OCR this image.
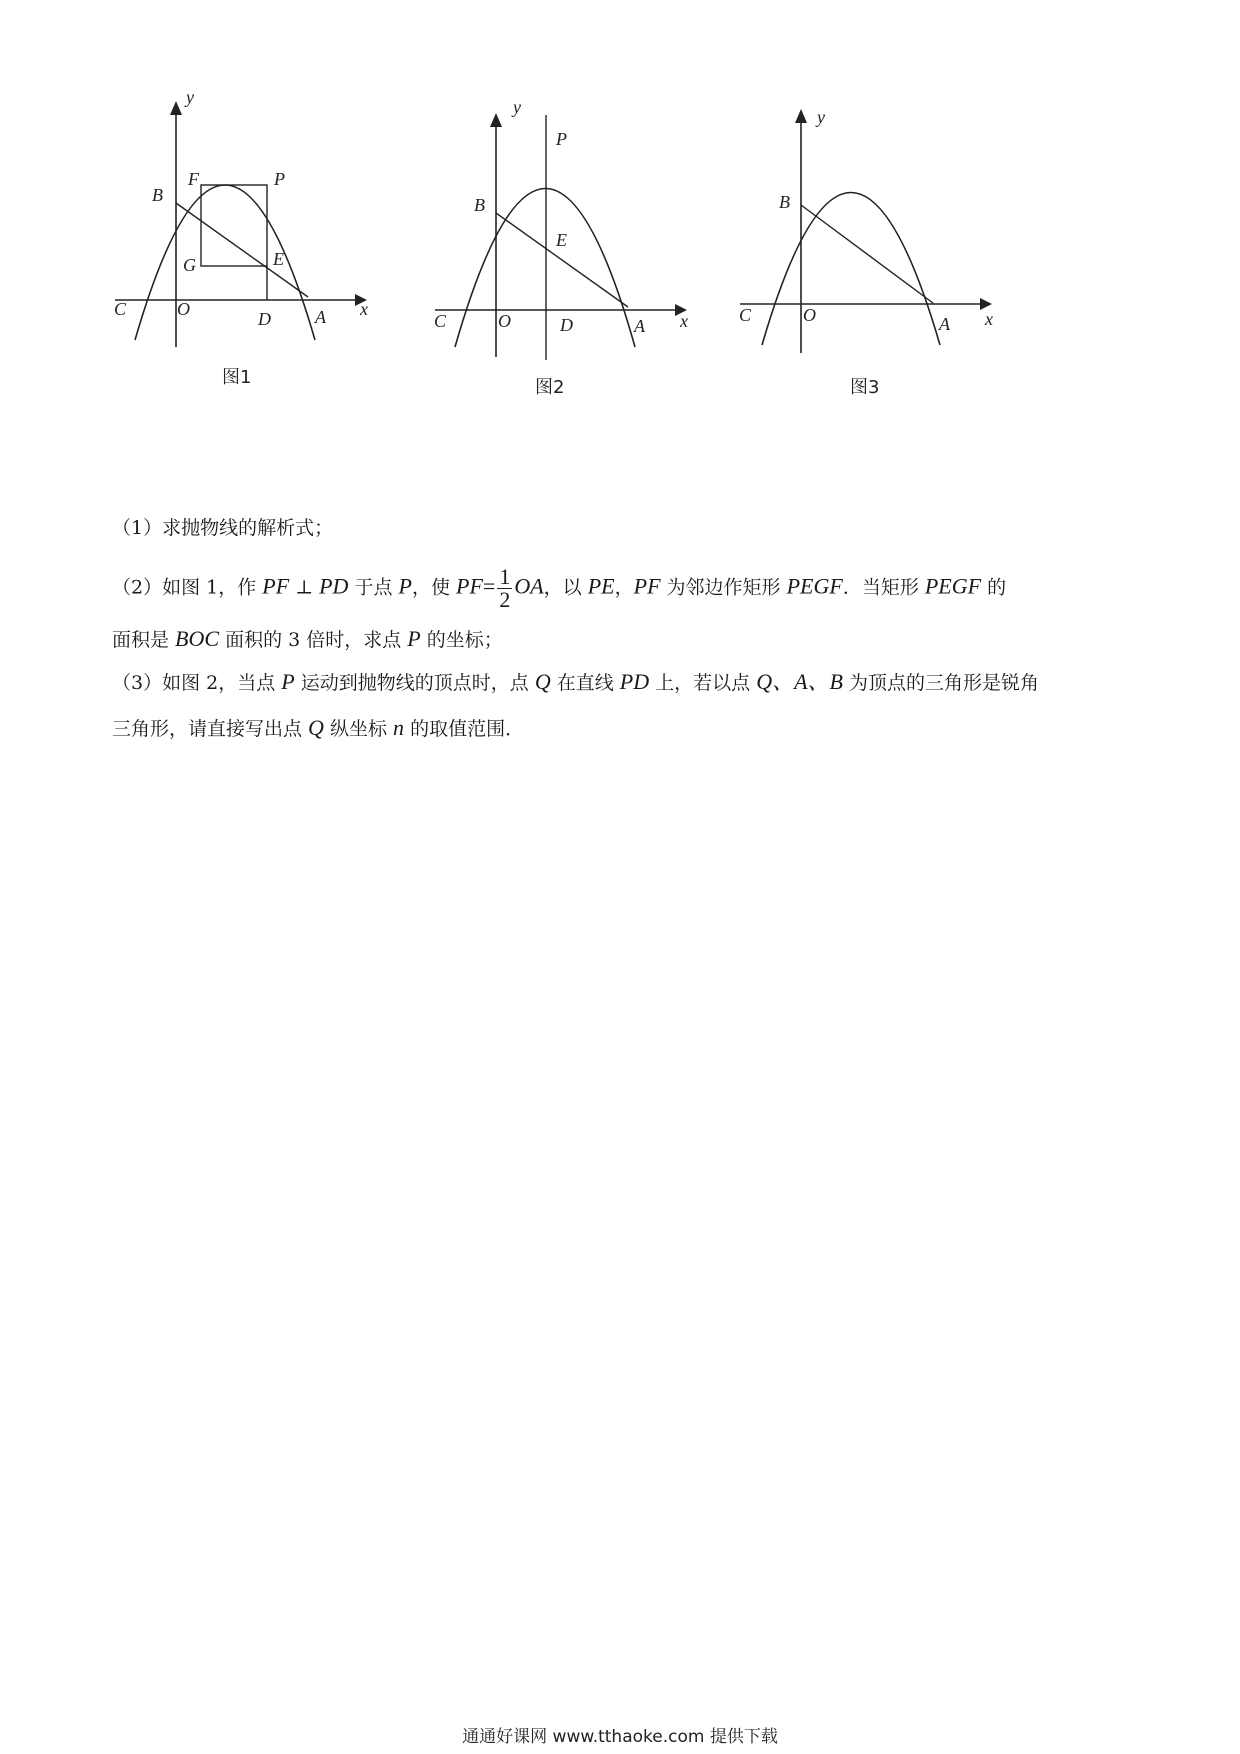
y
x
O
C	A
B
F	P
G	E
D
图1
y
x
O
C	A
B
P
E
D
图2
y
x
O
C	A
B
图3
（1）求抛物线的解析式；
（2）如图 1，作 PF ⊥ PD 于点 P，使 $PF= \frac{1}{2}$ OA，以 PE，PF 为邻边作矩形 PEGF．当矩形 PEGF 的
面积是 BOC 面积的 3 倍时，求点 P 的坐标；
（3）如图 2，当点 P 运动到抛物线的顶点时，点 Q 在直线 PD 上，若以点 Q、A、B 为顶点的三角形是锐角
三角形，请直接写出点 Q 纵坐标 n 的取值范围．
通通好课网 www.tthaoke.com 提供下载
